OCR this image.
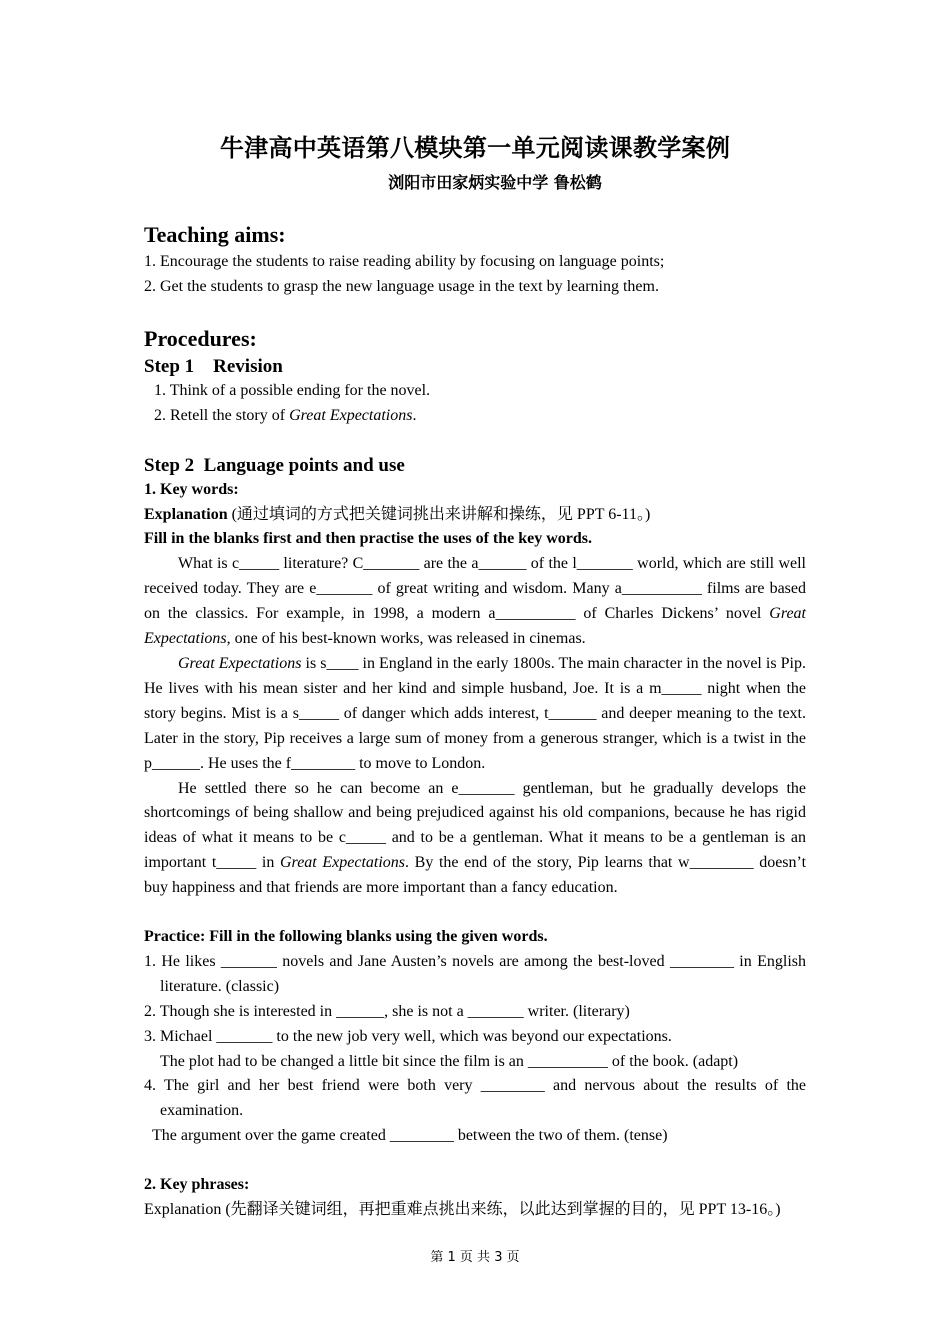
牛津高中英语第八模块第一单元阅读课教学案例

浏阳市田家炳实验中学 鲁松鹤

Teaching aims:

1. Encourage the students to raise reading ability by focusing on language points;

2. Get the students to grasp the new language usage in the text by learning them.

Procedures:
Step 1    Revision

1. Think of a possible ending for the novel.

2. Retell the story of Great Expectations.

Step 2  Language points and use

1. Key words:

Explanation (通过填词的方式把关键词挑出来讲解和操练，见 PPT 6-11。)

Fill in the blanks first and then practise the uses of the key words.

What is c_____ literature? C_______ are the a______ of the l_______ world, which are still well received today. They are e_______ of great writing and wisdom. Many a__________ films are based on the classics. For example, in 1998, a modern a__________ of Charles Dickens’ novel Great Expectations, one of his best-known works, was released in cinemas.

Great Expectations is s____ in England in the early 1800s. The main character in the novel is Pip. He lives with his mean sister and her kind and simple husband, Joe. It is a m_____ night when the story begins. Mist is a s_____ of danger which adds interest, t______ and deeper meaning to the text. Later in the story, Pip receives a large sum of money from a generous stranger, which is a twist in the p______. He uses the f________ to move to London.

He settled there so he can become an e_______ gentleman, but he gradually develops the shortcomings of being shallow and being prejudiced against his old companions, because he has rigid ideas of what it means to be c_____ and to be a gentleman. What it means to be a gentleman is an important t_____ in Great Expectations. By the end of the story, Pip learns that w________ doesn’t buy happiness and that friends are more important than a fancy education.

Practice: Fill in the following blanks using the given words.

1. He likes _______ novels and Jane Austen’s novels are among the best-loved ________ in English literature. (classic)

2. Though she is interested in ______, she is not a _______ writer. (literary)

3. Michael _______ to the new job very well, which was beyond our expectations.

The plot had to be changed a little bit since the film is an __________ of the book. (adapt)

4. The girl and her best friend were both very ________ and nervous about the results of the examination.

The argument over the game created ________ between the two of them. (tense)

2. Key phrases:

Explanation (先翻译关键词组，再把重难点挑出来练，以此达到掌握的目的，见 PPT 13-16。)

第 1 页 共 3 页
